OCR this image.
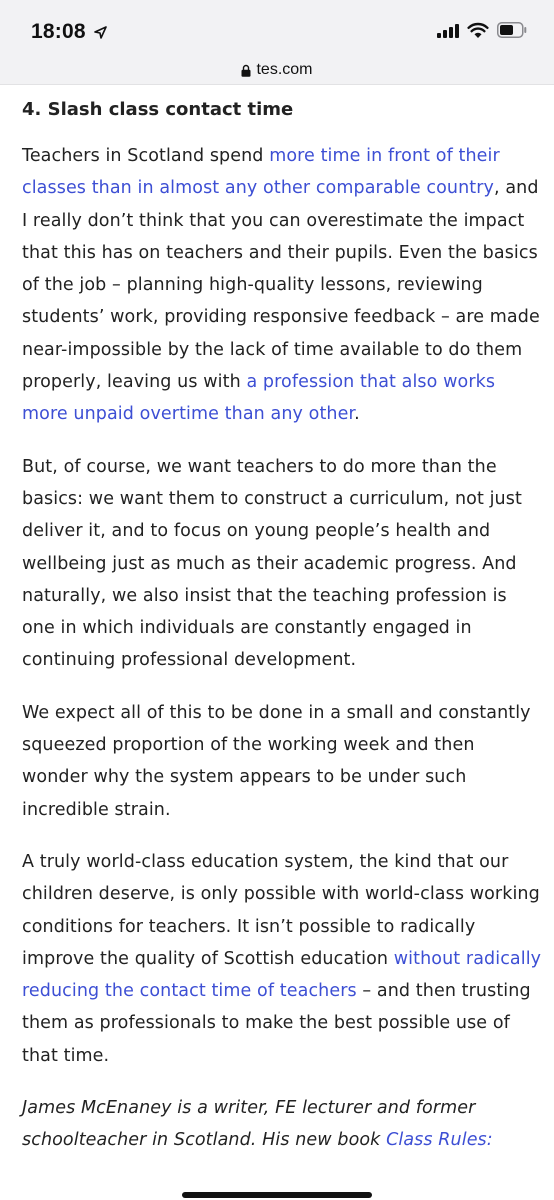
18:08
tes.com
4. Slash class contact time

Teachers in Scotland spend more time in front of their classes than in almost any other comparable country, and I really don’t think that you can overestimate the impact that this has on teachers and their pupils. Even the basics of the job – planning high-quality lessons, reviewing students’ work, providing responsive feedback – are made near-impossible by the lack of time available to do them properly, leaving us with a profession that also works more unpaid overtime than any other.

But, of course, we want teachers to do more than the basics: we want them to construct a curriculum, not just deliver it, and to focus on young people’s health and wellbeing just as much as their academic progress. And naturally, we also insist that the teaching profession is one in which individuals are constantly engaged in continuing professional development.

We expect all of this to be done in a small and constantly squeezed proportion of the working week and then wonder why the system appears to be under such incredible strain.

A truly world-class education system, the kind that our children deserve, is only possible with world-class working conditions for teachers. It isn’t possible to radically improve the quality of Scottish education without radically reducing the contact time of teachers – and then trusting them as professionals to make the best possible use of that time.

James McEnaney is a writer, FE lecturer and former schoolteacher in Scotland. His new book Class Rules:
